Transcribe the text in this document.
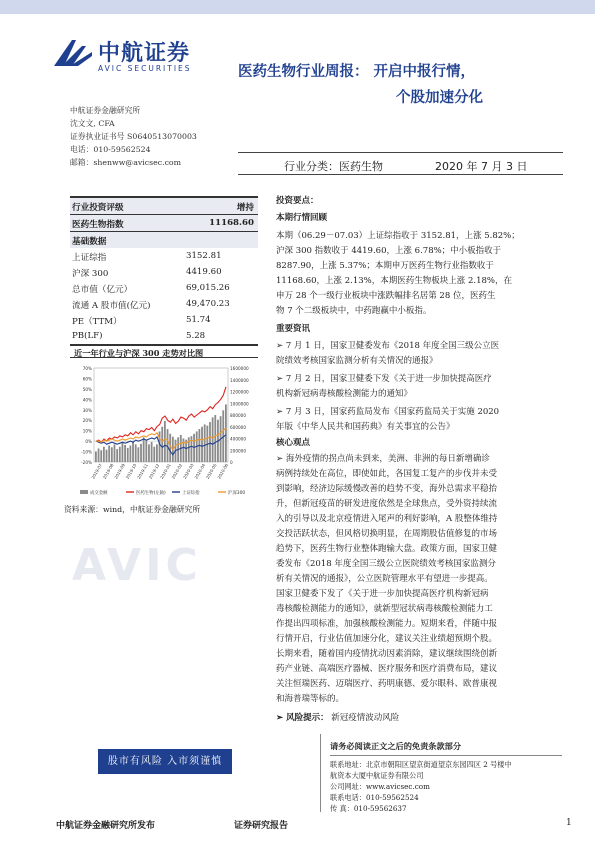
中航证券
AVIC SECURITIES	医药生物行业周报： 开启中报行情，
个股加速分化
中航证券金融研究所
沈文文, CFA
证券执业证书号 S0640513070003
电话：010-59562524
邮箱：shenww@avicsec.com	行业分类：医药生物	2020 年 7 月 3 日
行业投资评级	增持
医药生物指数	11168.60
基础数据
上证综指	3152.81
沪深 300	4419.60
总市值（亿元）	69,015.26
流通 A 股市值(亿元)	49,470.23
PE（TTM）	51.74
PB(LF)	5.28
近一年行业与沪深 300 走势对比图
70%
60%
50%
40%
30%
20%
10%
0%
-10%
-20%
1600000
1400000
1200000
1000000
800000
600000
400000
200000
0
2019-07
2019-08
2019-09
2019-10
2019-11
2019-12
2020-01
2020-02
2020-03
2020-04
2020-05
2020-06
成交金额	医药生物(左轴)	上证综指	沪深300
资料来源：wind，中航证券金融研究所
AVIC
投资要点：
本期行情回顾
本期（06.29－07.03）上证综指收于 3152.81，上涨 5.82%；
沪深 300 指数收于 4419.60，上涨 6.78%；中小板指收于
8287.90，上涨 5.37%；本期申万医药生物行业指数收于
11168.60，上涨 2.13%，本期医药生物板块上涨 2.18%，在
申万 28 个一级行业板块中涨跌幅排名居第 28 位，医药生
物 7 个二级板块中，中药跑赢中小板指。
重要资讯
➢ 7 月 1 日，国家卫健委发布《2018 年度全国三级公立医
院绩效考核国家监测分析有关情况的通报》
➢ 7 月 2 日，国家卫健委下发《关于进一步加快提高医疗
机构新冠病毒核酸检测能力的通知》
➢ 7 月 3 日，国家药监局发布《国家药监局关于实施 2020
年版《中华人民共和国药典》有关事宜的公告》
核心观点
➢ 海外疫情的拐点尚未到来，美洲、非洲的每日新增确诊
病例持续处在高位，即使如此，各国复工复产的步伐并未受
到影响，经济边际缓慢改善的趋势不变，海外总需求平稳抬
升，但新冠疫苗的研发进度依然是全球焦点，受外资持续流
入的引导以及北京疫情进入尾声的利好影响，A 股整体维持
交投活跃状态，但风格切换明显，在周期股估值修复的市场
趋势下，医药生物行业整体跑输大盘。政策方面，国家卫健
委发布《2018 年度全国三级公立医院绩效考核国家监测分
析有关情况的通报》，公立医院管理水平有望进一步提高。
国家卫健委下发了《关于进一步加快提高医疗机构新冠病
毒核酸检测能力的通知》，就新型冠状病毒核酸检测能力工
作提出四项标准，加强核酸检测能力。短期来看，伴随中报
行情开启，行业估值加速分化，建议关注业绩超预期个股。
长期来看，随着国内疫情扰动因素消除，建议继续围绕创新
药产业链、高端医疗器械、医疗服务和医疗消费布局，建议
关注恒瑞医药、迈瑞医疗、药明康德、爱尔眼科、欧普康视
和海普瑞等标的。
➢ 风险提示： 新冠疫情波动风险
股市有风险 入市须谨慎
请务必阅读正文之后的免责条款部分
联系地址：北京市朝阳区望京街道望京东园四区 2 号楼中
航资本大厦中航证券有限公司
公司网址：www.avicsec.com
联系电话：010-59562524
传 真：010-59562637
中航证券金融研究所发布	证券研究报告	1
